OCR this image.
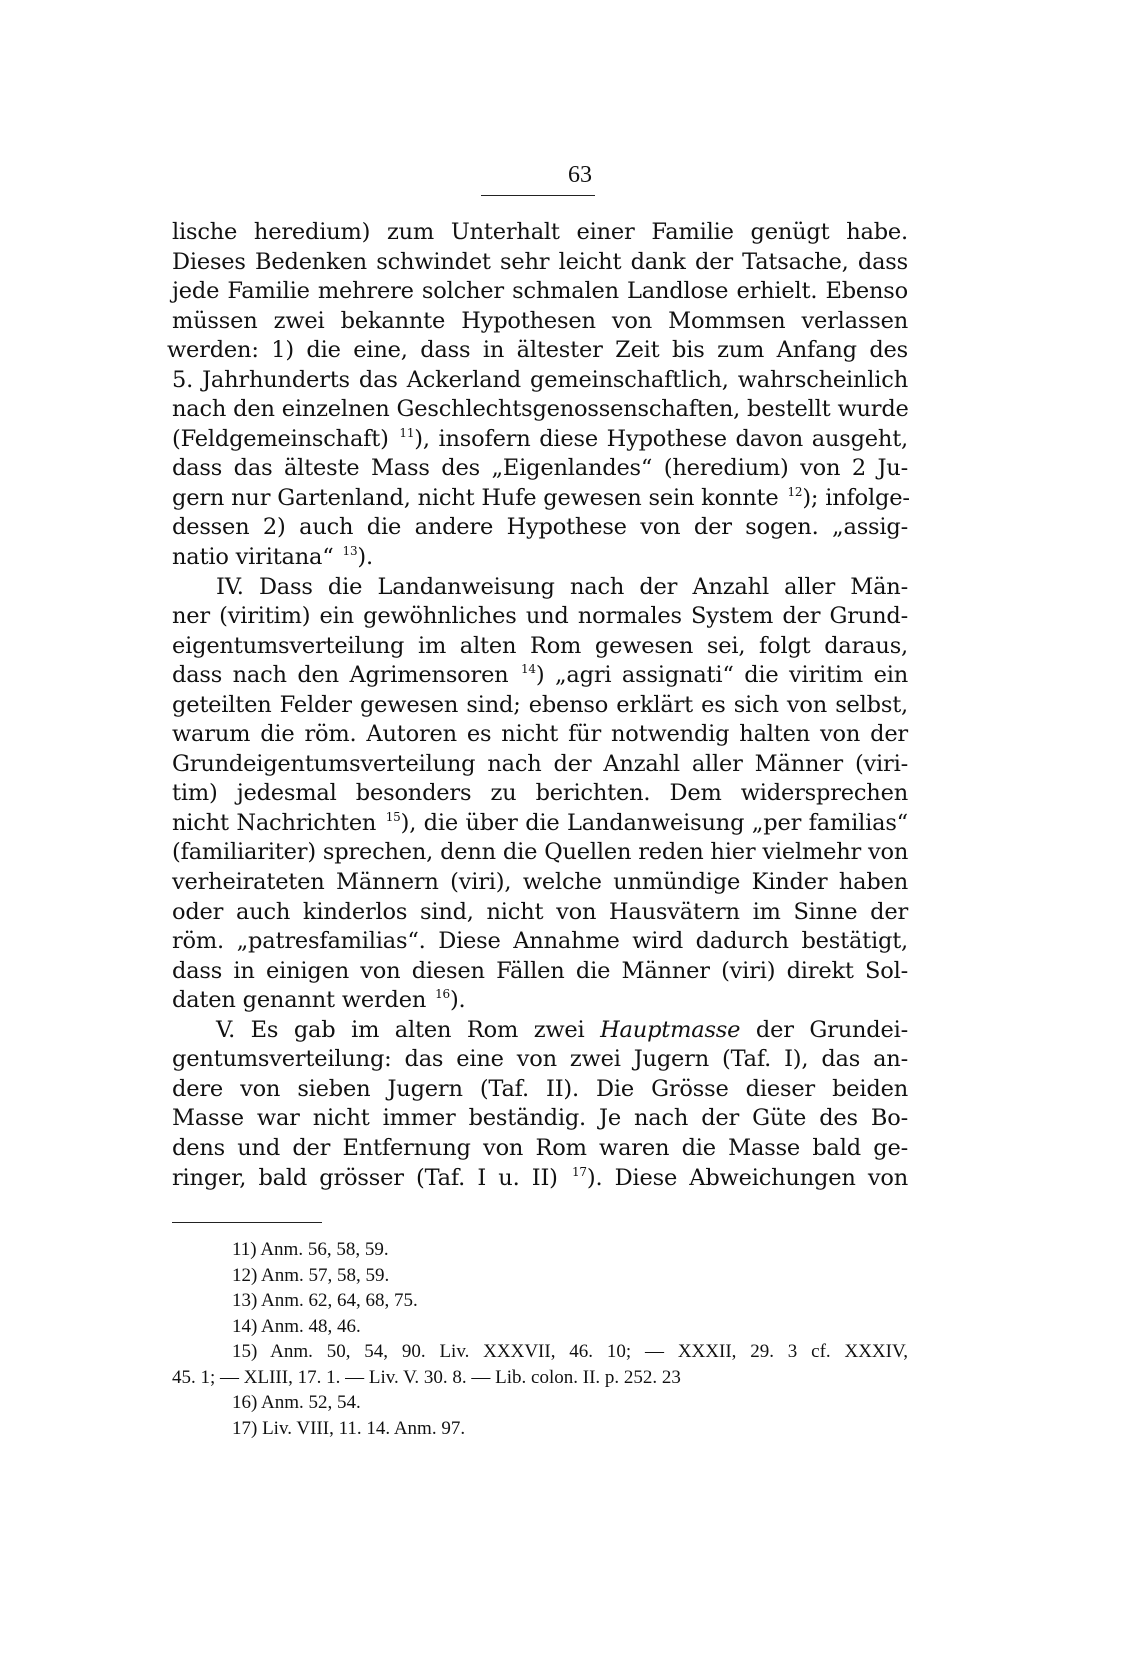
63
lische heredium) zum Unterhalt einer Familie genügt habe.
Dieses Bedenken schwindet sehr leicht dank der Tatsache, dass
jede Familie mehrere solcher schmalen Landlose erhielt. Ebenso
müssen zwei bekannte Hypothesen von Mommsen verlassen
werden: 1) die eine, dass in ältester Zeit bis zum Anfang des
5. Jahrhunderts das Ackerland gemeinschaftlich, wahrscheinlich
nach den einzelnen Geschlechtsgenossenschaften, bestellt wurde
(Feldgemeinschaft) $^{11}$), insofern diese Hypothese davon ausgeht,
dass das älteste Mass des „Eigenlandes“ (heredium) von 2 Ju-
gern nur Gartenland, nicht Hufe gewesen sein konnte $^{12}$); infolge-
dessen 2) auch die andere Hypothese von der sogen. „assig-
natio viritana“ $^{13}$).
IV. Dass die Landanweisung nach der Anzahl aller Män-
ner (viritim) ein gewöhnliches und normales System der Grund-
eigentumsverteilung im alten Rom gewesen sei, folgt daraus,
dass nach den Agrimensoren $^{14}$) „agri assignati“ die viritim ein
geteilten Felder gewesen sind; ebenso erklärt es sich von selbst,
warum die röm. Autoren es nicht für notwendig halten von der
Grundeigentumsverteilung nach der Anzahl aller Männer (viri-
tim) jedesmal besonders zu berichten. Dem widersprechen
nicht Nachrichten $^{15}$), die über die Landanweisung „per familias“
(familiariter) sprechen, denn die Quellen reden hier vielmehr von
verheirateten Männern (viri), welche unmündige Kinder haben
oder auch kinderlos sind, nicht von Hausvätern im Sinne der
röm. „patresfamilias“. Diese Annahme wird dadurch bestätigt,
dass in einigen von diesen Fällen die Männer (viri) direkt Sol-
daten genannt werden $^{16}$).
V. Es gab im alten Rom zwei Hauptmasse der Grundei-
gentumsverteilung: das eine von zwei Jugern (Taf. I), das an-
dere von sieben Jugern (Taf. II). Die Grösse dieser beiden
Masse war nicht immer beständig. Je nach der Güte des Bo-
dens und der Entfernung von Rom waren die Masse bald ge-
ringer, bald grösser (Taf. I u. II) $^{17}$). Diese Abweichungen von
11) Anm. 56, 58, 59.
12) Anm. 57, 58, 59.
13) Anm. 62, 64, 68, 75.
14) Anm. 48, 46.
15) Anm. 50, 54, 90. Liv. XXXVII, 46. 10; — XXXII, 29. 3 cf. XXXIV,
45. 1; — XLIII, 17. 1. — Liv. V. 30. 8. — Lib. colon. II. p. 252. 23
16) Anm. 52, 54.
17) Liv. VIII, 11. 14. Anm. 97.
